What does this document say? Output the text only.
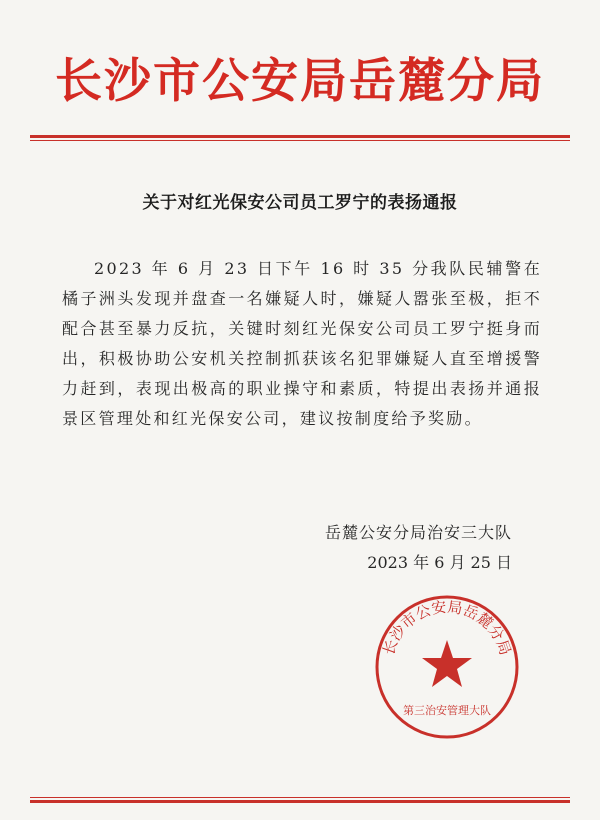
长沙市公安局岳麓分局
关于对红光保安公司员工罗宁的表扬通报
2023 年 6 月 23 日下午 16 时 35 分我队民辅警在橘子洲头发现并盘查一名嫌疑人时，嫌疑人嚣张至极，拒不配合甚至暴力反抗，关键时刻红光保安公司员工罗宁挺身而出，积极协助公安机关控制抓获该名犯罪嫌疑人直至增援警力赶到，表现出极高的职业操守和素质，特提出表扬并通报景区管理处和红光保安公司，建议按制度给予奖励。
岳麓公安分局治安三大队
2023 年 6 月 25 日
长沙市公安局岳麓分局
第三治安管理大队
